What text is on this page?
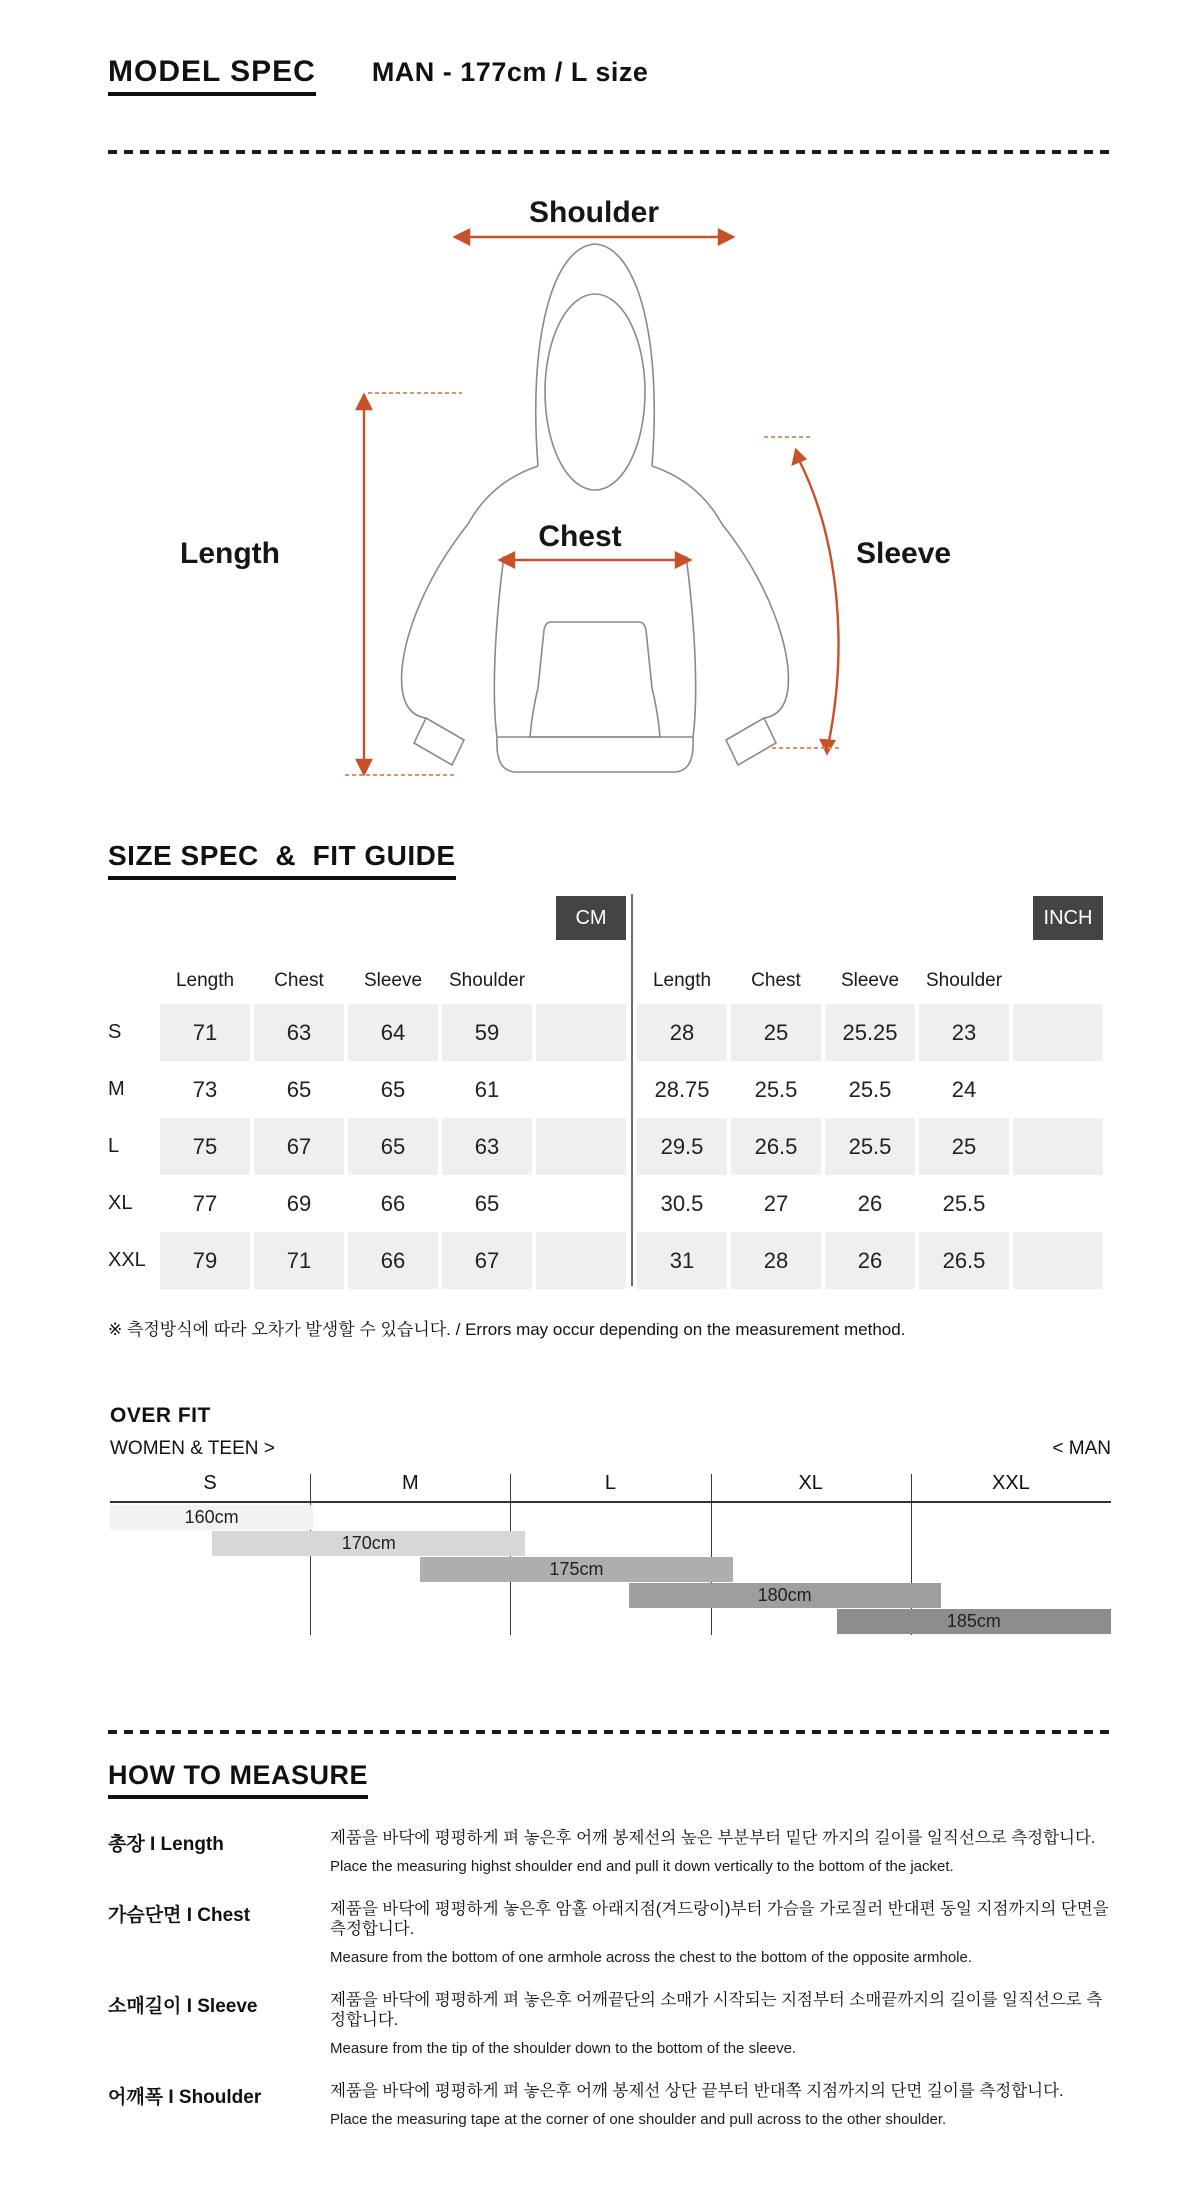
MODEL SPEC MAN - 177cm / L size
Shoulder
Length
Chest
Sleeve
SIZE SPEC  &  FIT GUIDE
CM	INCH
Length	Chest	Sleeve	Shoulder
S	71	63	64	59
M	73	65	65	61
L	75	67	65	63
XL	77	69	66	65
XXL	79	71	66	67
Length	Chest	Sleeve	Shoulder
28	25	25.25	23
28.75	25.5	25.5	24
29.5	26.5	25.5	25
30.5	27	26	25.5
31	28	26	26.5
※ 측정방식에 따라 오차가 발생할 수 있습니다. / Errors may occur depending on the measurement method.
OVER FIT
WOMEN & TEEN >	< MAN
S	M	L	XL	XXL
160cm
170cm
175cm
180cm
185cm
HOW TO MEASURE
총장 I Length	제품을 바닥에 평평하게 펴 놓은후 어깨 봉제선의 높은 부분부터 밑단 까지의 길이를 일직선으로 측정합니다.
Place the measuring highst shoulder end and pull it down vertically to the bottom of the jacket.
가슴단면 I Chest	제품을 바닥에 평평하게 놓은후 암홀 아래지점(겨드랑이)부터 가슴을 가로질러 반대편 동일 지점까지의 단면을 측정합니다.
Measure from the bottom of one armhole across the chest to the bottom of the opposite armhole.
소매길이 I Sleeve	제품을 바닥에 평평하게 펴 놓은후 어깨끝단의 소매가 시작되는 지점부터 소매끝까지의 길이를 일직선으로 측정합니다.
Measure from the tip of the shoulder down to the bottom of the sleeve.
어깨폭 I Shoulder	제품을 바닥에 평평하게 펴 놓은후 어깨 봉제선 상단 끝부터 반대쪽 지점까지의 단면 길이를 측정합니다.
Place the measuring tape at the corner of one shoulder and pull across to the other shoulder.
